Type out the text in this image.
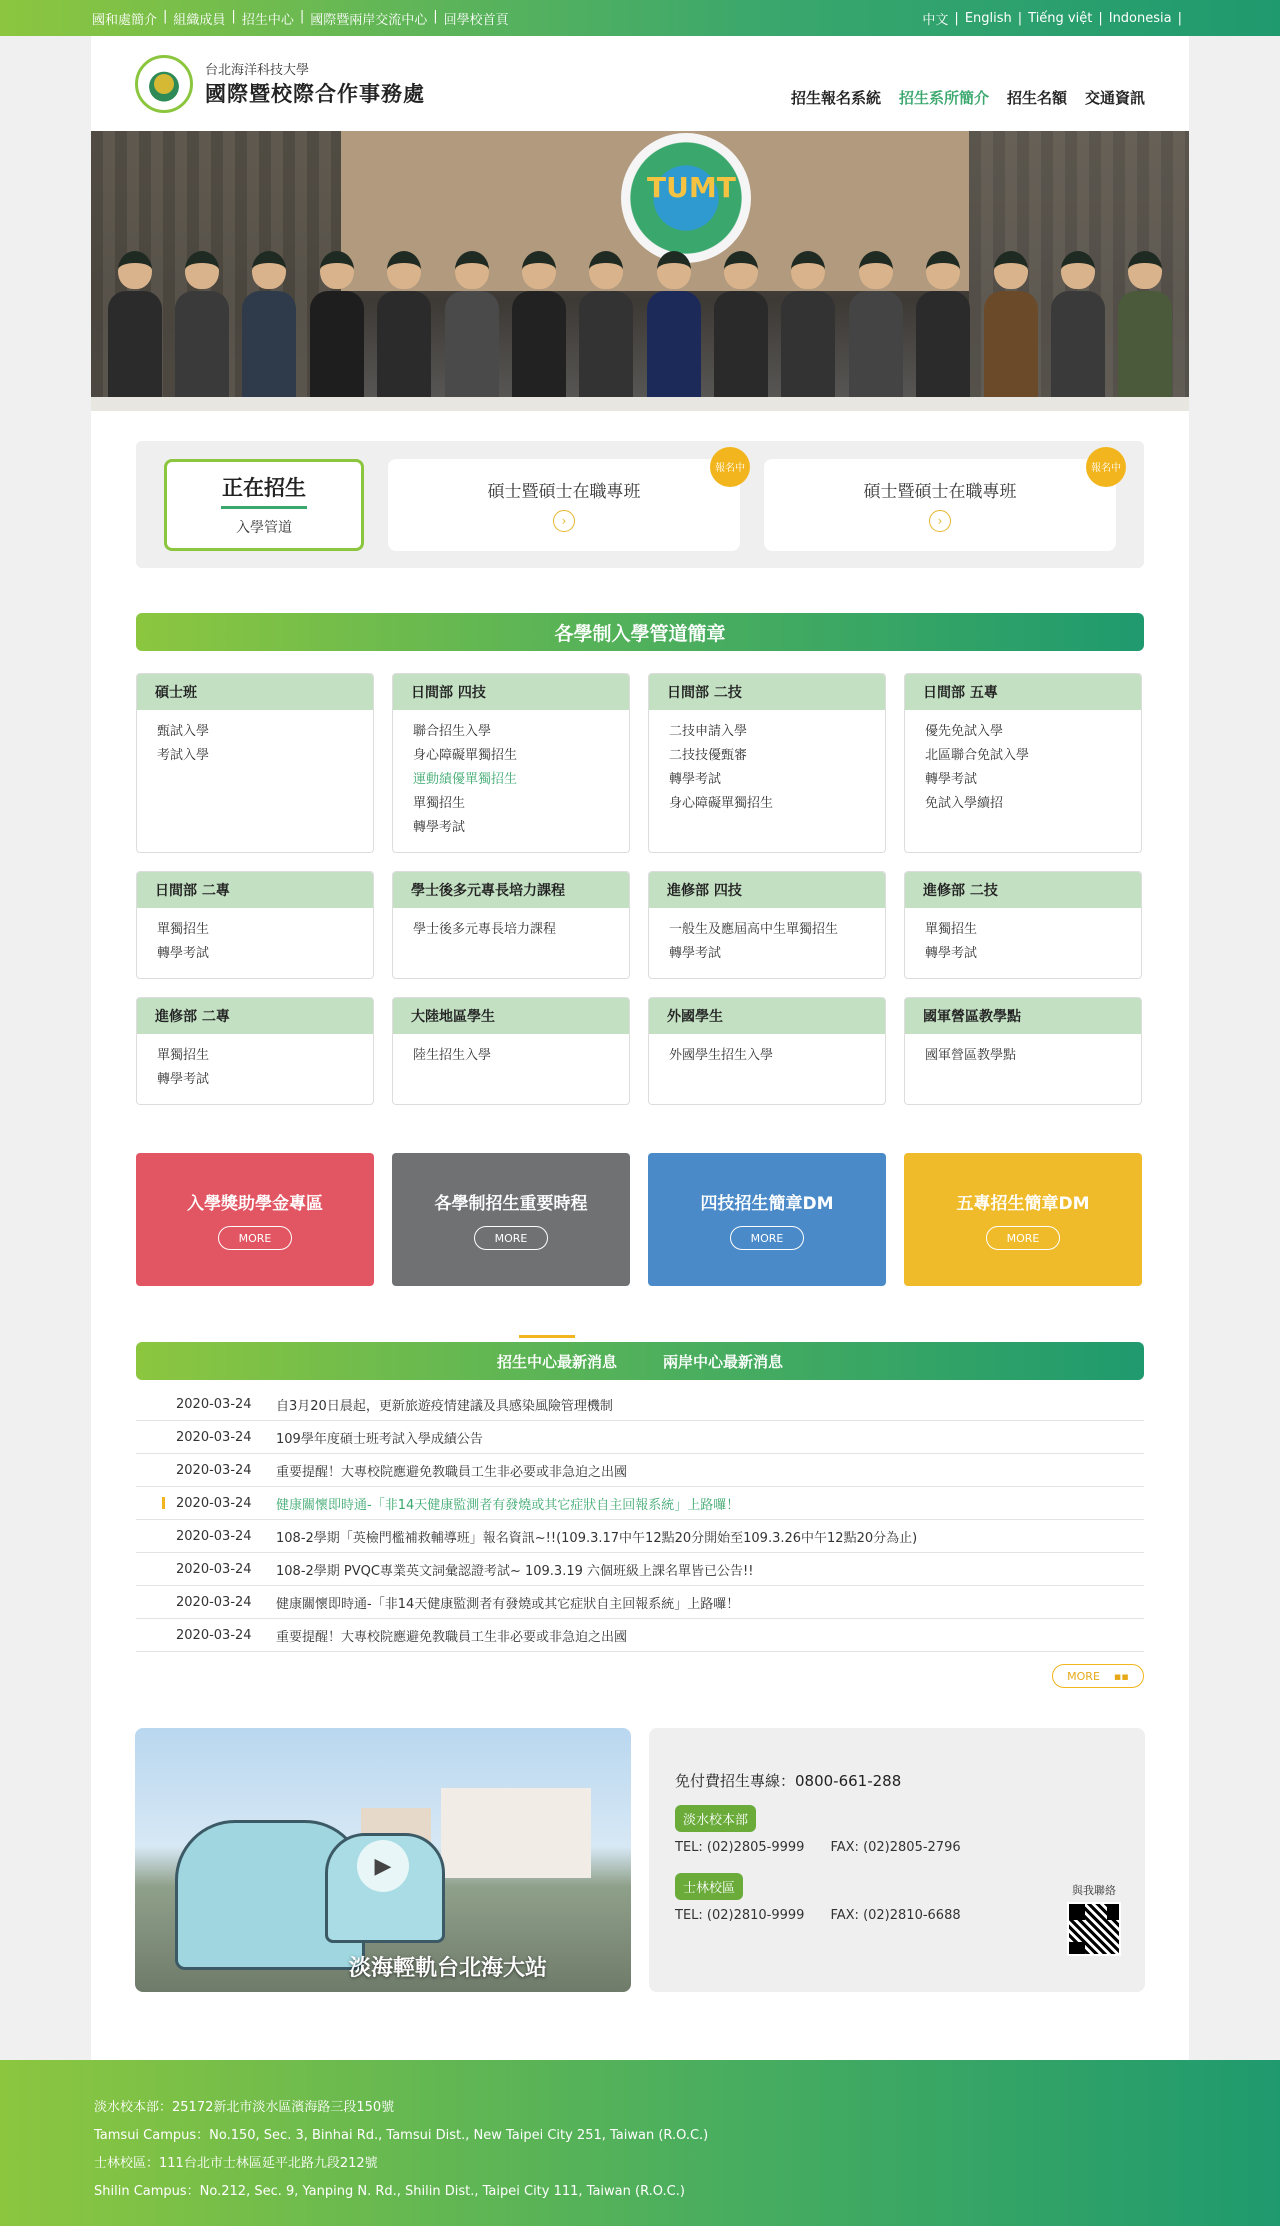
國和處簡介 | 組織成員 | 招生中心 | 國際暨兩岸交流中心 | 回學校首頁	中文 | English | Tiếng việt | Indonesia |
台北海洋科技大學
國際暨校際合作事務處	招生報名系統 招生系所簡介 招生名額 交通資訊
TUMT
正在招生
入學管道
碩士暨碩士在職專班
›
報名中
碩士暨碩士在職專班
›
報名中
各學制入學管道簡章
碩士班
甄試入學
考試入學
日間部 四技
聯合招生入學
身心障礙單獨招生
運動績優單獨招生
單獨招生
轉學考試
日間部 二技
二技申請入學
二技技優甄審
轉學考試
身心障礙單獨招生
日間部 五專
優先免試入學
北區聯合免試入學
轉學考試
免試入學續招
日間部 二專
單獨招生
轉學考試
學士後多元專長培力課程
學士後多元專長培力課程
進修部 四技
一般生及應屆高中生單獨招生
轉學考試
進修部 二技
單獨招生
轉學考試
進修部 二專
單獨招生
轉學考試
大陸地區學生
陸生招生入學
外國學生
外國學生招生入學
國軍營區教學點
國軍營區教學點
入學獎助學金專區
MORE
各學制招生重要時程
MORE
四技招生簡章DM
MORE
五專招生簡章DM
MORE
招生中心最新消息	兩岸中心最新消息
2020-03-24	自3月20日晨起，更新旅遊疫情建議及具感染風險管理機制
2020-03-24	109學年度碩士班考試入學成績公告
2020-03-24	重要提醒！大專校院應避免教職員工生非必要或非急迫之出國
2020-03-24	健康關懷即時通-「非14天健康監測者有發燒或其它症狀自主回報系統」上路囉！
2020-03-24	108-2學期「英檢門檻補救輔導班」報名資訊~!!(109.3.17中午12點20分開始至109.3.26中午12點20分為止)
2020-03-24	108-2學期 PVQC專業英文詞彙認證考試~ 109.3.19 六個班級上課名單皆已公告!!
2020-03-24	健康關懷即時通-「非14天健康監測者有發燒或其它症狀自主回報系統」上路囉！
2020-03-24	重要提醒！大專校院應避免教職員工生非必要或非急迫之出國
MORE ▪▪
▶
淡海輕軌台北海大站
免付費招生專線：0800-661-288
淡水校本部
TEL: (02)2805-9999 FAX: (02)2805-2796
士林校區
TEL: (02)2810-9999 FAX: (02)2810-6688
與我聯絡

淡水校本部：25172新北市淡水區濱海路三段150號

Tamsui Campus：No.150, Sec. 3, Binhai Rd., Tamsui Dist., New Taipei City 251, Taiwan (R.O.C.)

士林校區：111台北市士林區延平北路九段212號

Shilin Campus：No.212, Sec. 9, Yanping N. Rd., Shilin Dist., Taipei City 111, Taiwan (R.O.C.)
